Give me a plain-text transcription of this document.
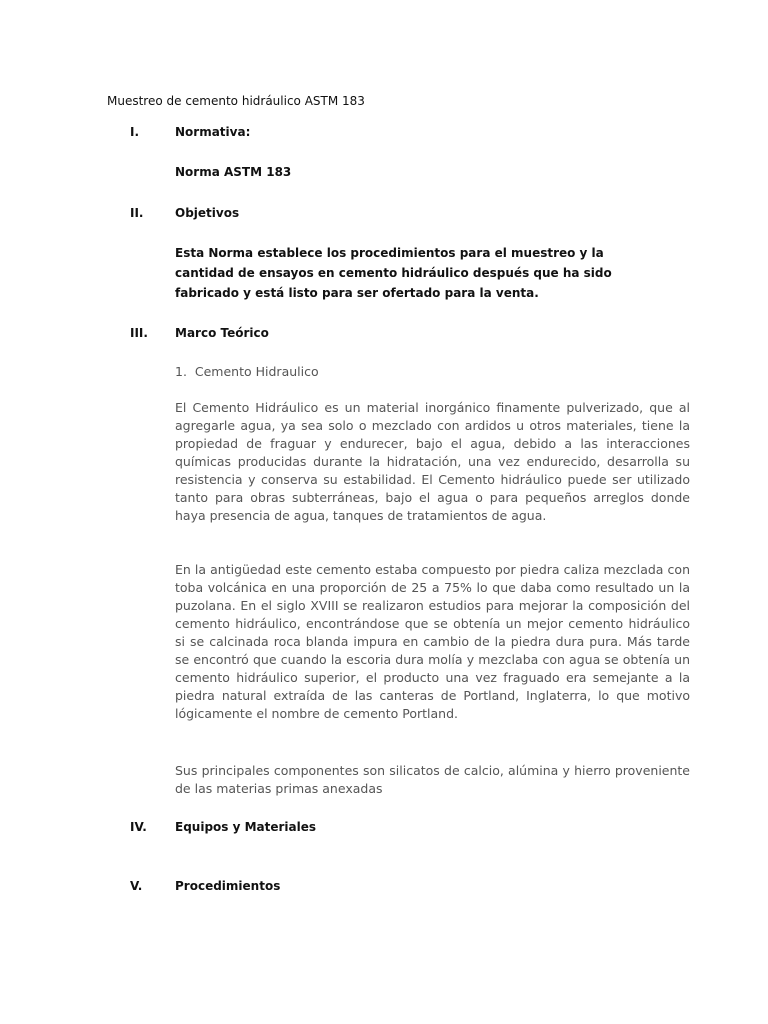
Muestreo de cemento hidráulico ASTM 183
I.	Normativa:
Norma ASTM 183
II.	Objetivos
Esta Norma establece los procedimientos para el muestreo y la cantidad de ensayos en cemento hidráulico después que ha sido fabricado y está listo para ser ofertado para la venta.
III. Marco Teórico
1. Cemento Hidraulico

El Cemento Hidráulico es un material inorgánico finamente pulverizado, que al agregarle agua, ya sea solo o mezclado con ardidos u otros materiales, tiene la propiedad de fraguar y endurecer, bajo el agua, debido a las interacciones químicas producidas durante la hidratación, una vez endurecido, desarrolla su resistencia y conserva su estabilidad. El Cemento hidráulico puede ser utilizado tanto para obras subterráneas, bajo el agua o para pequeños arreglos donde haya presencia de agua, tanques de tratamientos de agua.

En la antigüedad este cemento estaba compuesto por piedra caliza mezclada con toba volcánica en una proporción de 25 a 75% lo que daba como resultado un la puzolana. En el siglo XVIII se realizaron estudios para mejorar la composición del cemento hidráulico, encontrándose que se obtenía un mejor cemento hidráulico si se calcinada roca blanda impura en cambio de la piedra dura pura. Más tarde se encontró que cuando la escoria dura molía y mezclaba con agua se obtenía un cemento hidráulico superior, el producto una vez fraguado era semejante a la piedra natural extraída de las canteras de Portland, Inglaterra, lo que motivo lógicamente el nombre de cemento Portland.

Sus principales componentes son silicatos de calcio, alúmina y hierro proveniente de las materias primas anexadas

IV. Equipos y Materiales
V.	Procedimientos
